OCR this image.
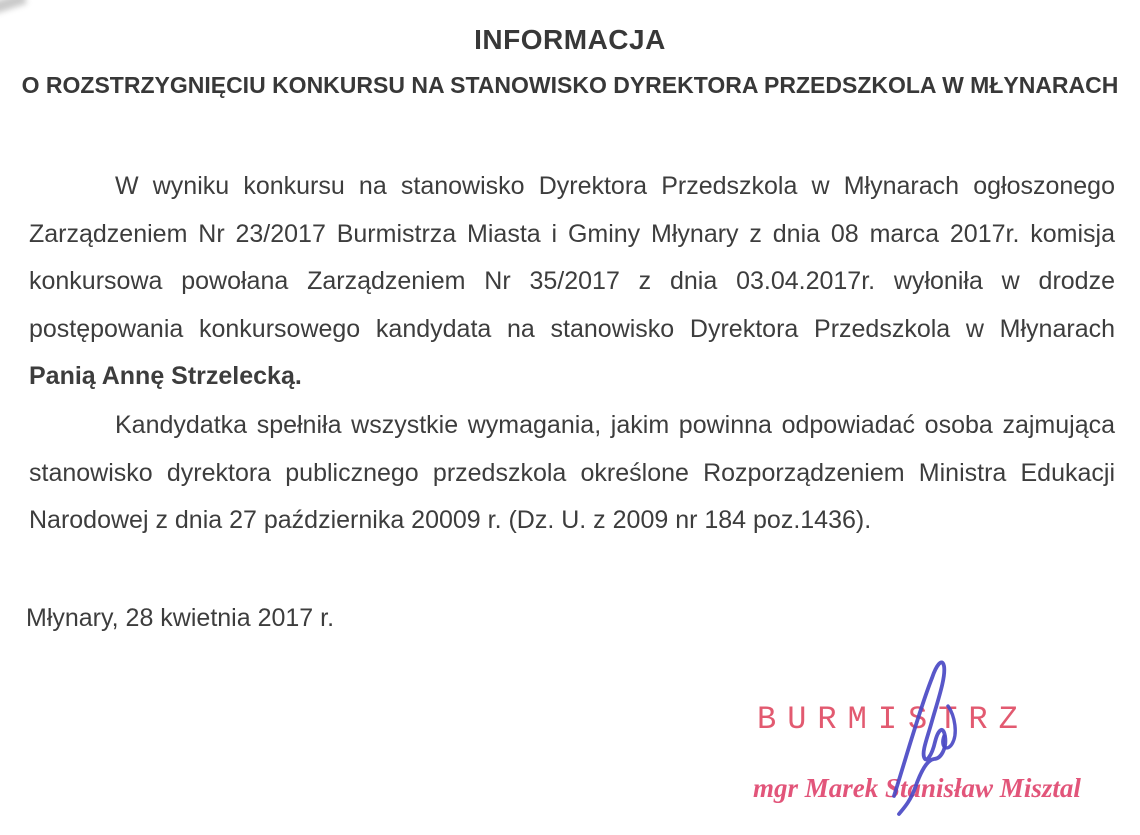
INFORMACJA
O ROZSTRZYGNIĘCIU KONKURSU NA STANOWISKO DYREKTORA PRZEDSZKOLA W MŁYNARACH
W wyniku konkursu na stanowisko Dyrektora Przedszkola w Młynarach ogłoszonego
Zarządzeniem Nr 23/2017 Burmistrza Miasta i Gminy Młynary z dnia 08 marca 2017r. komisja
konkursowa powołana Zarządzeniem Nr 35/2017 z dnia 03.04.2017r. wyłoniła w drodze
postępowania konkursowego kandydata na stanowisko Dyrektora Przedszkola w Młynarach
Panią Annę Strzelecką.
Kandydatka spełniła wszystkie wymagania, jakim powinna odpowiadać osoba zajmująca
stanowisko dyrektora publicznego przedszkola określone Rozporządzeniem Ministra Edukacji
Narodowej z dnia 27 października 20009 r. (Dz. U. z 2009 nr 184 poz.1436).
Młynary, 28 kwietnia 2017 r.
BURMISTRZ
mgr Marek Stanisław Misztal
